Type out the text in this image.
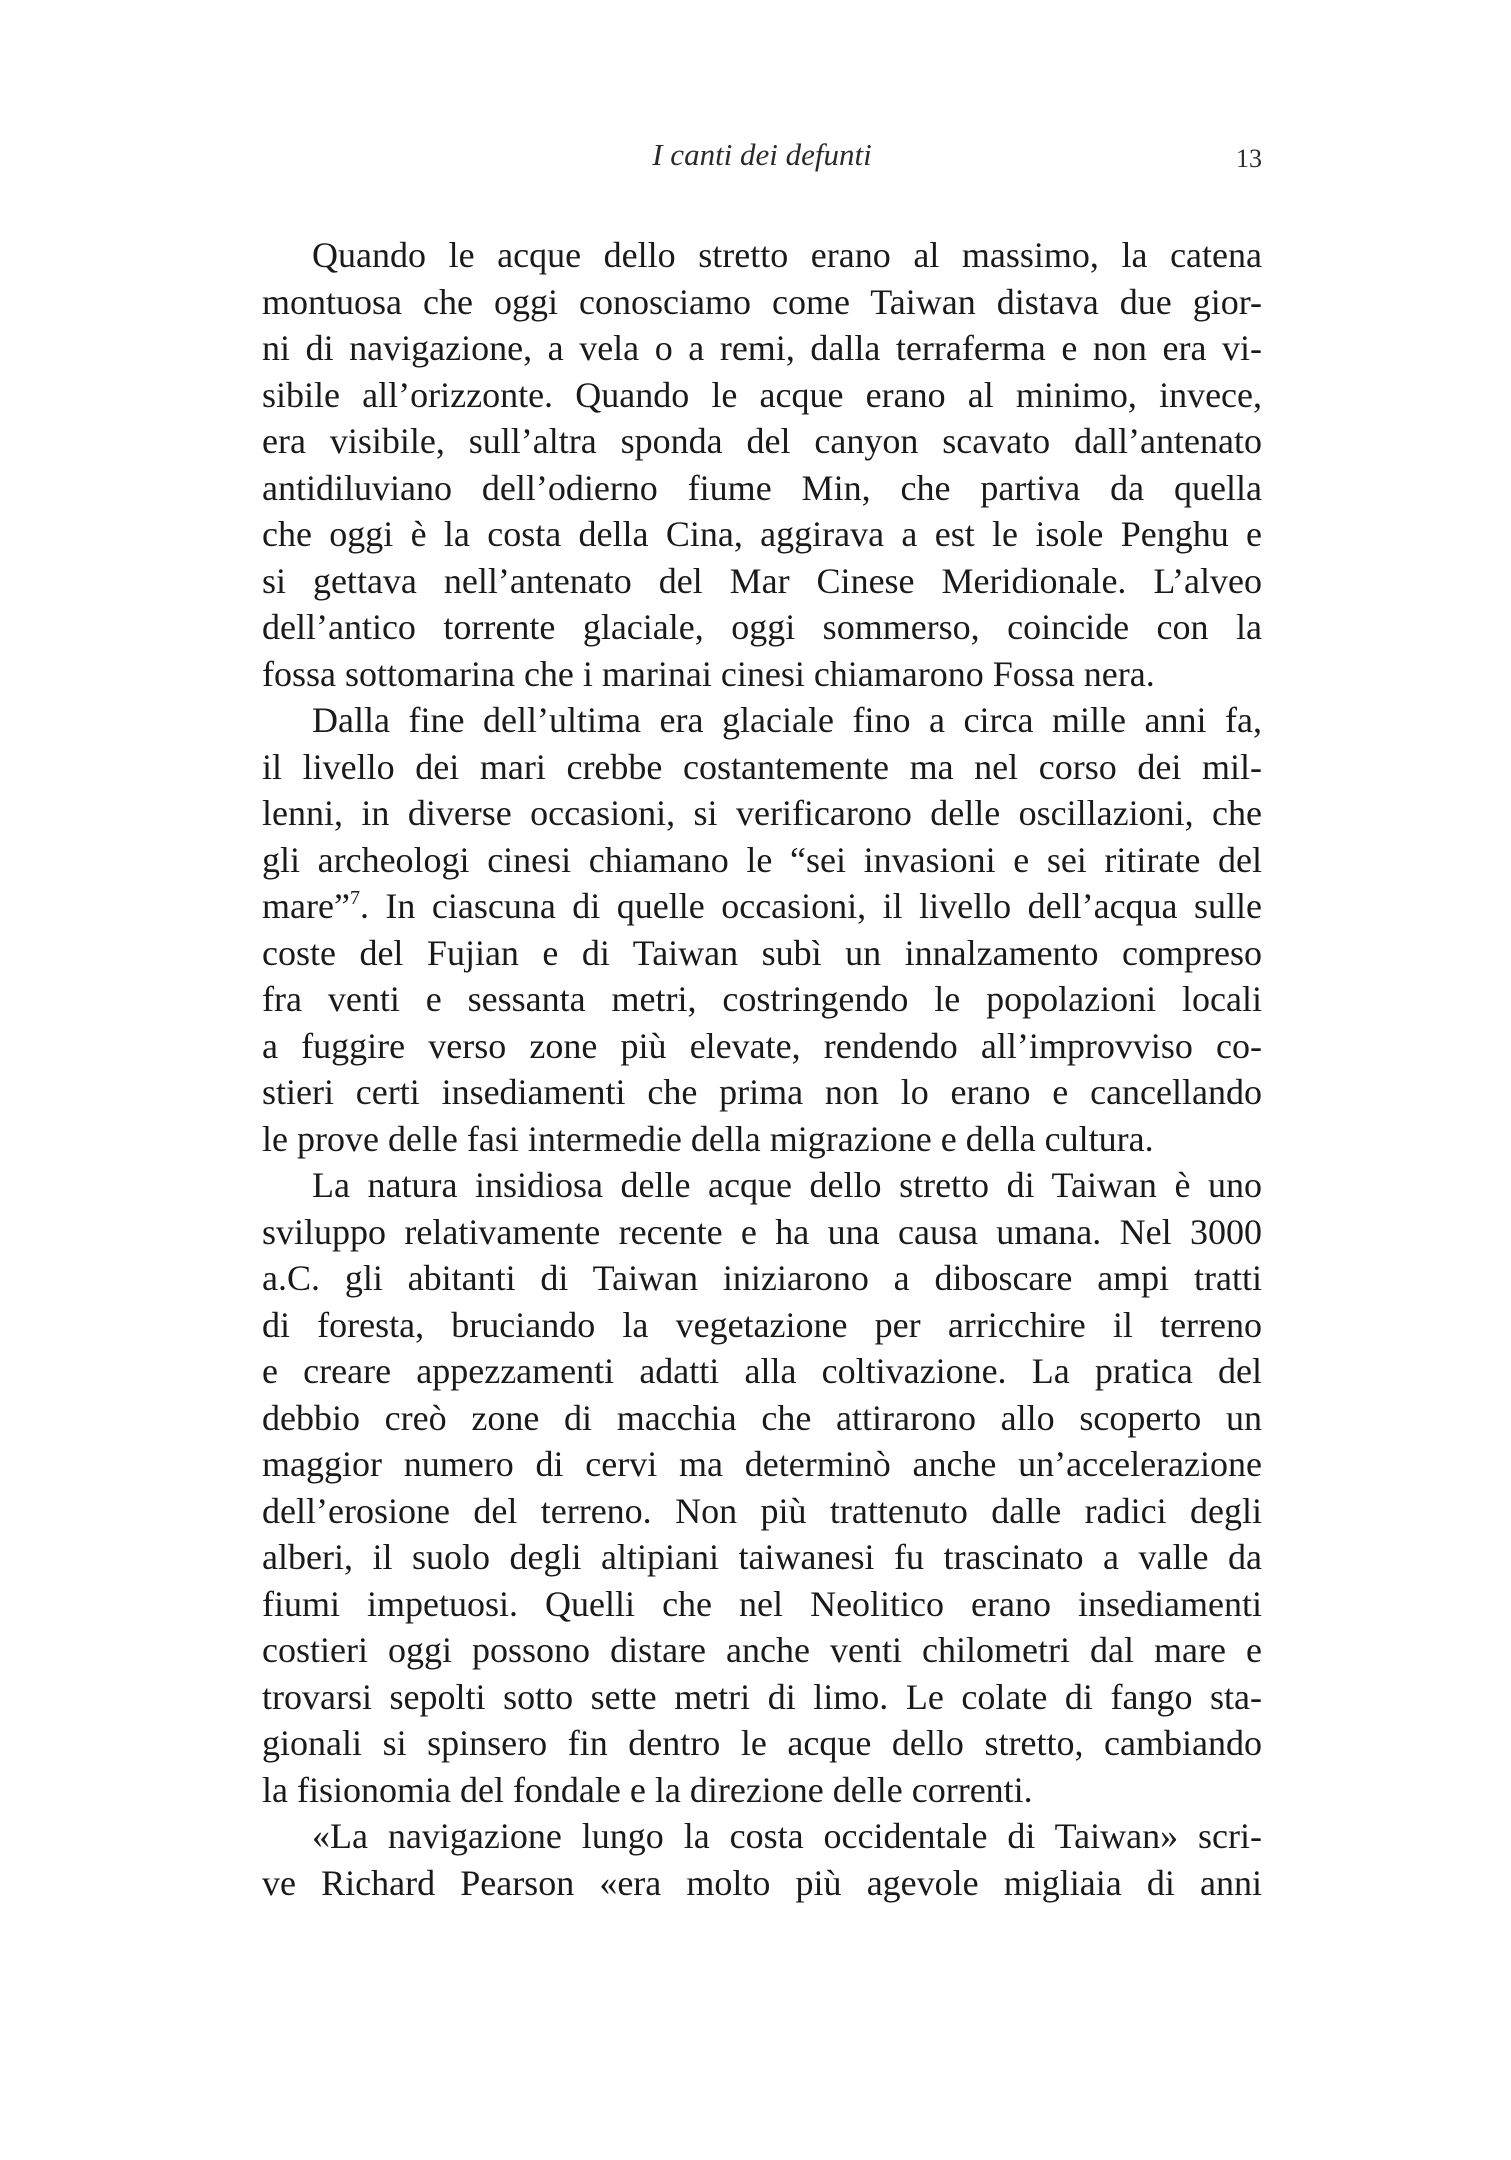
I canti dei defunti	13
Quando le acque dello stretto erano al massimo, la catena
montuosa che oggi conosciamo come Taiwan distava due gior-
ni di navigazione, a vela o a remi, dalla terraferma e non era vi-
sibile all’orizzonte. Quando le acque erano al minimo, invece,
era visibile, sull’altra sponda del canyon scavato dall’antenato
antidiluviano dell’odierno fiume Min, che partiva da quella
che oggi è la costa della Cina, aggirava a est le isole Penghu e
si gettava nell’antenato del Mar Cinese Meridionale. L’alveo
dell’antico torrente glaciale, oggi sommerso, coincide con la
fossa sottomarina che i marinai cinesi chiamarono Fossa nera.
Dalla fine dell’ultima era glaciale fino a circa mille anni fa,
il livello dei mari crebbe costantemente ma nel corso dei mil-
lenni, in diverse occasioni, si verificarono delle oscillazioni, che
gli archeologi cinesi chiamano le “sei invasioni e sei ritirate del
mare”$^7$. In ciascuna di quelle occasioni, il livello dell’acqua sulle
coste del Fujian e di Taiwan subì un innalzamento compreso
fra venti e sessanta metri, costringendo le popolazioni locali
a fuggire verso zone più elevate, rendendo all’improvviso co-
stieri certi insediamenti che prima non lo erano e cancellando
le prove delle fasi intermedie della migrazione e della cultura.
La natura insidiosa delle acque dello stretto di Taiwan è uno
sviluppo relativamente recente e ha una causa umana. Nel 3000
a.C. gli abitanti di Taiwan iniziarono a diboscare ampi tratti
di foresta, bruciando la vegetazione per arricchire il terreno
e creare appezzamenti adatti alla coltivazione. La pratica del
debbio creò zone di macchia che attirarono allo scoperto un
maggior numero di cervi ma determinò anche un’accelerazione
dell’erosione del terreno. Non più trattenuto dalle radici degli
alberi, il suolo degli altipiani taiwanesi fu trascinato a valle da
fiumi impetuosi. Quelli che nel Neolitico erano insediamenti
costieri oggi possono distare anche venti chilometri dal mare e
trovarsi sepolti sotto sette metri di limo. Le colate di fango sta-
gionali si spinsero fin dentro le acque dello stretto, cambiando
la fisionomia del fondale e la direzione delle correnti.
«La navigazione lungo la costa occidentale di Taiwan» scri-
ve Richard Pearson «era molto più agevole migliaia di anni
